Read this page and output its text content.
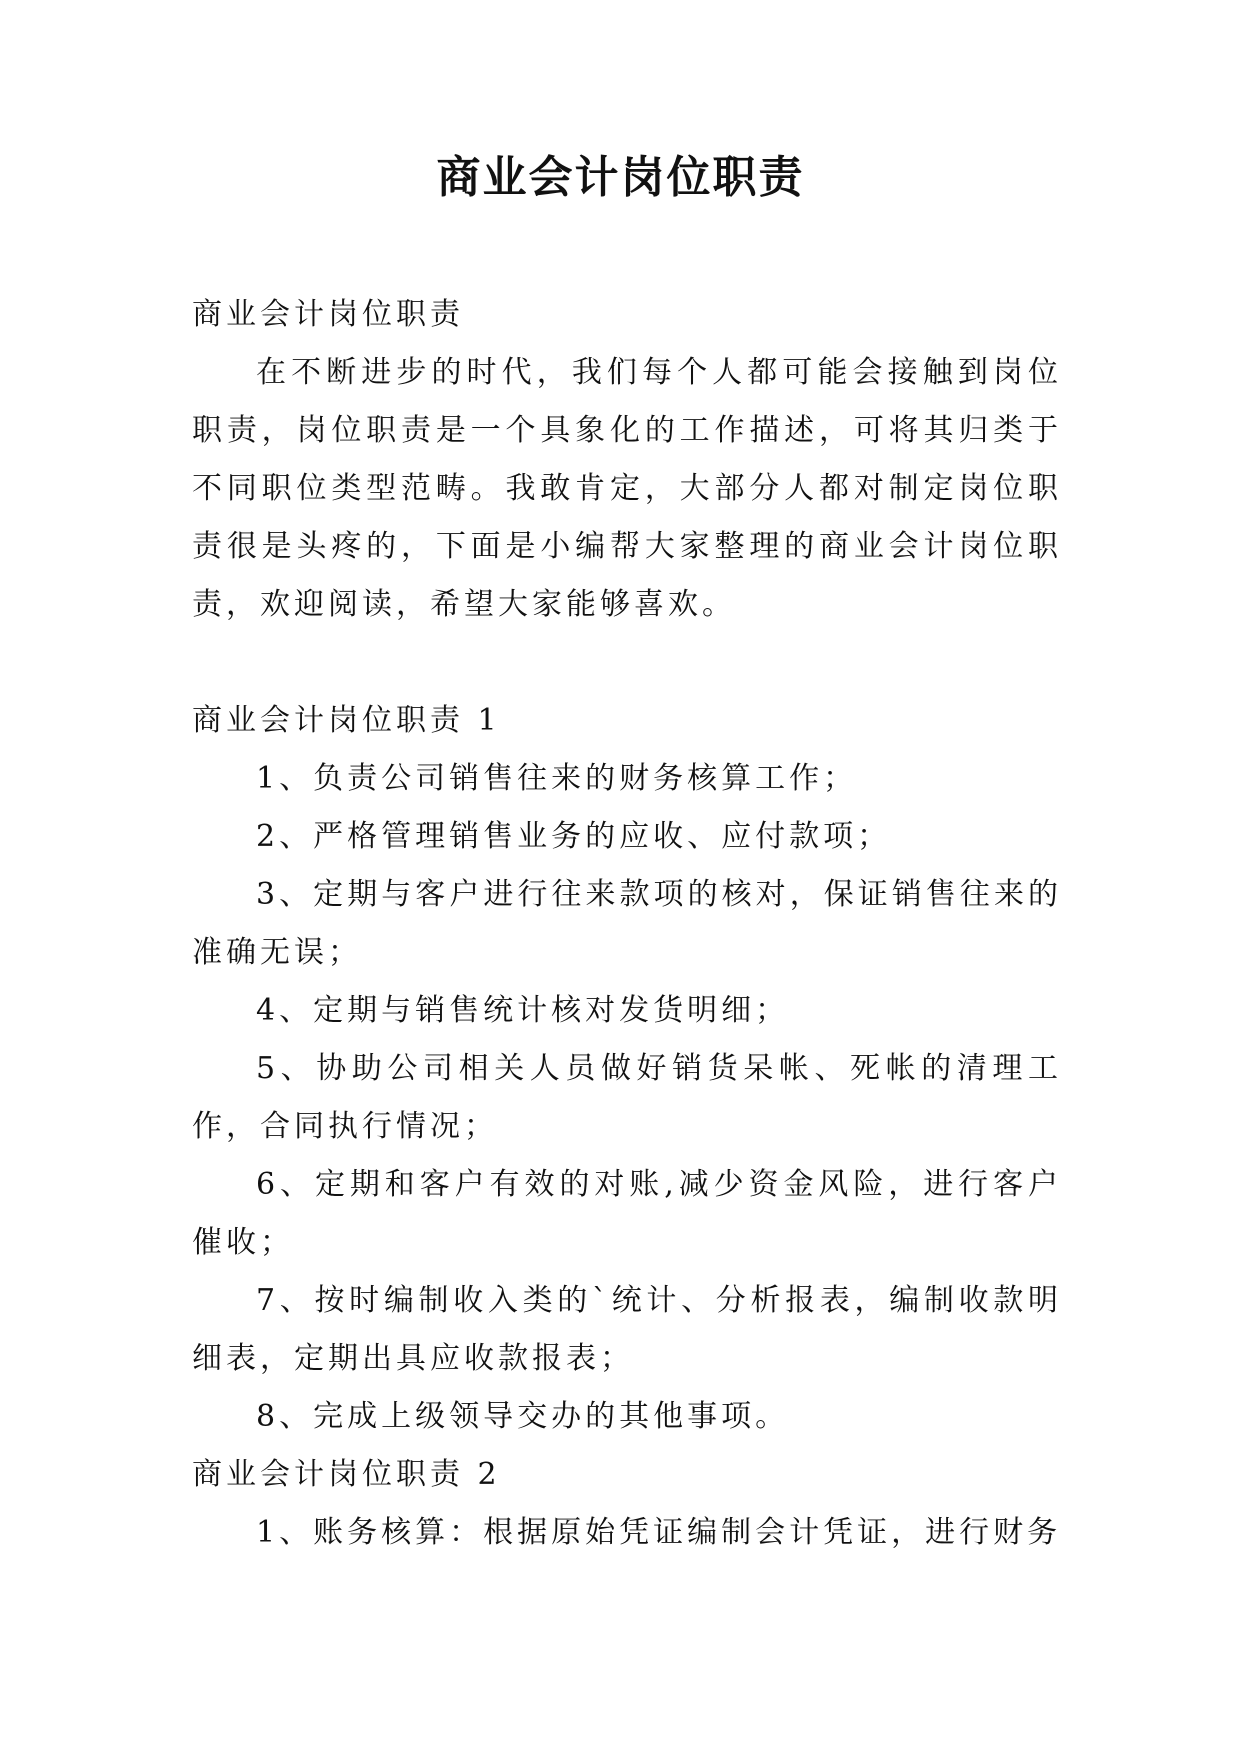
商业会计岗位职责

商业会计岗位职责

在不断进步的时代，我们每个人都可能会接触到岗位职责，岗位职责是一个具象化的工作描述，可将其归类于不同职位类型范畴。我敢肯定，大部分人都对制定岗位职责很是头疼的，下面是小编帮大家整理的商业会计岗位职责，欢迎阅读，希望大家能够喜欢。

商业会计岗位职责 1

1、负责公司销售往来的财务核算工作；

2、严格管理销售业务的应收、应付款项；

3、定期与客户进行往来款项的核对，保证销售往来的准确无误；

4、定期与销售统计核对发货明细；

5、协助公司相关人员做好销货呆帐、死帐的清理工作，合同执行情况；

6、定期和客户有效的对账,减少资金风险，进行客户催收；

7、按时编制收入类的`统计、分析报表，编制收款明细表，定期出具应收款报表；

8、完成上级领导交办的其他事项。

商业会计岗位职责 2

1、账务核算：根据原始凭证编制会计凭证，进行财务
